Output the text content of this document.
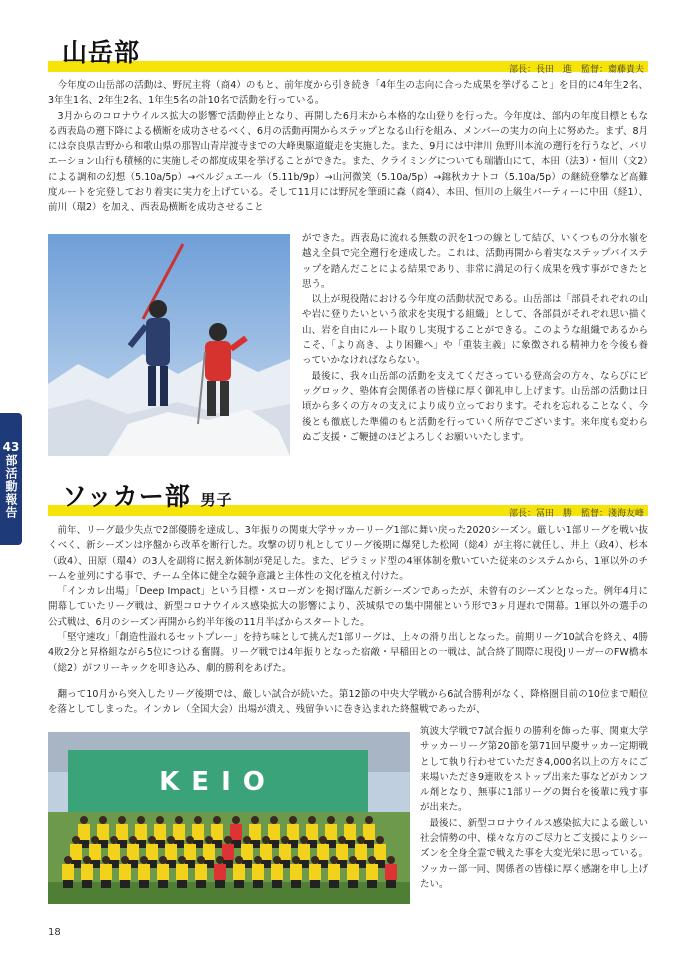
43
部活動報告
山岳部
部長：長田　進　監督：齋藤貴夫

今年度の山岳部の活動は、野尻主将（商4）のもと、前年度から引き続き「4年生の志向に合った成果を挙げること」を目的に4年生2名、3年生1名、2年生2名、1年生5名の計10名で活動を行っている。

3月からのコロナウイルス拡大の影響で活動停止となり、再開した6月末から本格的な山登りを行った。今年度は、部内の年度目標ともなる西表島の遡下降による横断を成功させるべく、6月の活動再開からステップとなる山行を組み、メンバーの実力の向上に努めた。まず、8月には奈良県吉野から和歌山県の那智山青岸渡寺までの大峰奥駆道縦走を実施した。また、9月には中津川 魚野川本流の遡行を行うなど、バリエーション山行も積極的に実施しその都度成果を挙げることができた。また、クライミングについても瑞牆山にて、本田（法3）・恒川（文2）による調和の幻想（5.10a/5p）→ベルジュエール（5.11b/9p）→山河微笑（5.10a/5p）→錦秋カナトコ（5.10a/5p）の継続登攀など高難度ルートを完登しており着実に実力を上げている。そして11月には野尻を筆頭に森（商4）、本田、恒川の上級生パーティーに中田（経1）、前川（環2）を加え、西表島横断を成功させること

ができた。西表島に流れる無数の沢を1つの線として結び、いくつもの分水嶺を越え全員で完全遡行を達成した。これは、活動再開から着実なステップバイステップを踏んだことによる結果であり、非常に満足の行く成果を残す事ができたと思う。

以上が現役階における今年度の活動状況である。山岳部は「部員それぞれの山や岩に登りたいという欲求を実現する組織」として、各部員がそれぞれ思い描く山、岩を自由にルート取りし実現することができる。このような組織であるからこそ、「より高き、より困難へ」や「重装主義」に象徴される精神力を今後も養っていかなければならない。

最後に、我々山岳部の活動を支えてくださっている登高会の方々、ならびにピッグロック、塾体育会関係者の皆様に厚く御礼申し上げます。山岳部の活動は日頃から多くの方々の支えにより成り立っております。それを忘れることなく、今後とも徹底した準備のもと活動を行っていく所存でございます。来年度も変わらぬご支援・ご鞭撻のほどよろしくお願いいたします。

ソッカー部 男子
部長：冨田　勝　監督：淺海友峰

前年、リーグ最少失点で2部優勝を達成し、3年振りの関東大学サッカーリーグ1部に舞い戻った2020シーズン。厳しい1部リーグを戦い抜くべく、新シーズンは序盤から改革を断行した。攻撃の切り札としてリーグ後期に爆発した松岡（総4）が主将に就任し、井上（政4）、杉本（政4）、田原（環4）の3人を副将に据え新体制が発足した。また、ピラミッド型の4軍体制を敷いていた従来のシステムから、1軍以外のチームを並列にする事で、チーム全体に健全な競争意識と主体性の文化を植え付けた。

「インカレ出場」「Deep Impact」という目標・スローガンを掲げ臨んだ新シーズンであったが、未曾有のシーズンとなった。例年4月に開幕していたリーグ戦は、新型コロナウイルス感染拡大の影響により、茨城県での集中開催という形で3ヶ月遅れで開幕。1軍以外の選手の公式戦は、6月のシーズン再開から約半年後の11月半ばからスタートした。

「堅守速攻」「創造性溢れるセットプレー」を持ち味として挑んだ1部リーグは、上々の滑り出しとなった。前期リーグ10試合を終え、4勝4敗2分と昇格組ながら5位につける奮闘。リーグ戦では4年振りとなった宿敵・早稲田との一戦は、試合終了間際に現役JリーガーのFW橋本（総2）がフリーキックを叩き込み、劇的勝利をあげた。

KEIO

筑波大学戦で7試合振りの勝利を飾った事、関東大学サッカーリーグ第20節を第71回早慶サッカー定期戦として執り行わせていただき4,000名以上の方々にご来場いただき9連敗をストップ出来た事などがカンフル剤となり、無事に1部リーグの舞台を後輩に残す事が出来た。

最後に、新型コロナウイルス感染拡大による厳しい社会情勢の中、様々な方のご尽力とご支援によりシーズンを全身全霊で戦えた事を大変光栄に思っている。ソッカー部一同、関係者の皆様に厚く感謝を申し上げたい。

翻って10月から突入したリーグ後期では、厳しい試合が続いた。第12節の中央大学戦から6試合勝利がなく、降格圏目前の10位まで順位を落としてしまった。インカレ（全国大会）出場が潰え、残留争いに巻き込まれた終盤戦であったが、

18
